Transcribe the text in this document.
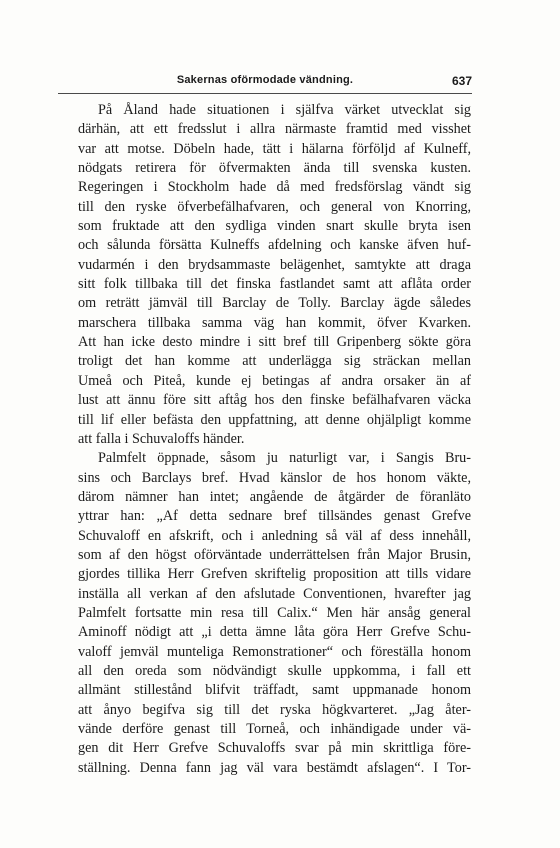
Sakernas oförmodade vändning.	637
På Åland hade situationen i själfva värket utvecklat sig
därhän, att ett fredsslut i allra närmaste framtid med visshet
var att motse. Döbeln hade, tätt i hälarna förföljd af Kulneff,
nödgats retirera för öfvermakten ända till svenska kusten.
Regeringen i Stockholm hade då med fredsförslag vändt sig
till den ryske öfverbefälhafvaren, och general von Knorring,
som fruktade att den sydliga vinden snart skulle bryta isen
och sålunda försätta Kulneffs afdelning och kanske äfven huf-
vudarmén i den brydsammaste belägenhet, samtykte att draga
sitt folk tillbaka till det finska fastlandet samt att aflåta order
om reträtt jämväl till Barclay de Tolly. Barclay ägde således
marschera tillbaka samma väg han kommit, öfver Kvarken.
Att han icke desto mindre i sitt bref till Gripenberg sökte göra
troligt det han komme att underlägga sig sträckan mellan
Umeå och Piteå, kunde ej betingas af andra orsaker än af
lust att ännu före sitt aftåg hos den finske befälhafvaren väcka
till lif eller befästa den uppfattning, att denne ohjälpligt komme
att falla i Schuvaloffs händer.
Palmfelt öppnade, såsom ju naturligt var, i Sangis Bru-
sins och Barclays bref. Hvad känslor de hos honom väkte,
därom nämner han intet; angående de åtgärder de föranläto
yttrar han: „Af detta sednare bref tillsändes genast Grefve
Schuvaloff en afskrift, och i anledning så väl af dess innehåll,
som af den högst oförväntade underrättelsen från Major Brusin,
gjordes tillika Herr Grefven skriftelig proposition att tills vidare
inställa all verkan af den afslutade Conventionen, hvarefter jag
Palmfelt fortsatte min resa till Calix.“ Men här ansåg general
Aminoff nödigt att „i detta ämne låta göra Herr Grefve Schu-
valoff jemväl munteliga Remonstrationer“ och föreställa honom
all den oreda som nödvändigt skulle uppkomma, i fall ett
allmänt stillestånd blifvit träffadt, samt uppmanade honom
att ånyo begifva sig till det ryska högkvarteret. „Jag åter-
vände derföre genast till Torneå, och inhändigade under vä-
gen dit Herr Grefve Schuvaloffs svar på min skrittliga före-
ställning. Denna fann jag väl vara bestämdt afslagen“. I Tor-
